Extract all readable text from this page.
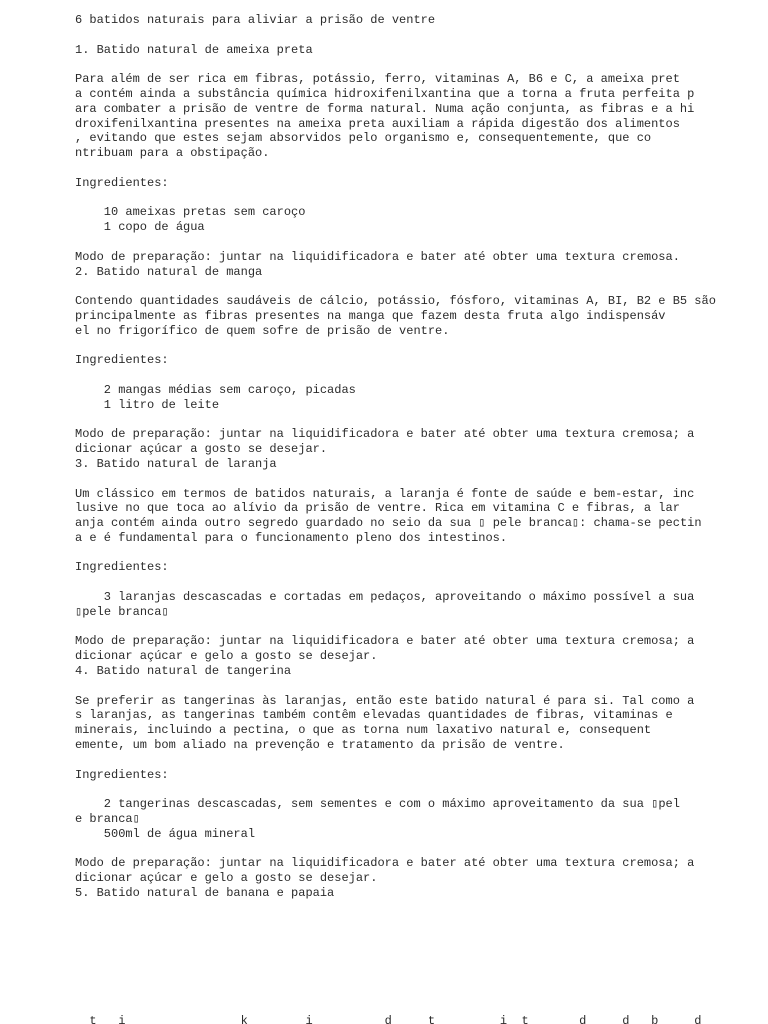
6 batidos naturais para aliviar a prisão de ventre
1. Batido natural de ameixa preta
Para além de ser rica em fibras, potássio, ferro, vitaminas A, B6 e C, a ameixa pret
a contém ainda a substância química hidroxifenilxantina que a torna a fruta perfeita p
ara combater a prisão de ventre de forma natural. Numa ação conjunta, as fibras e a hi
droxifenilxantina presentes na ameixa preta auxiliam a rápida digestão dos alimentos
, evitando que estes sejam absorvidos pelo organismo e, consequentemente, que co
ntribuam para a obstipação.
Ingredientes:
10 ameixas pretas sem caroço
1 copo de água
Modo de preparação: juntar na liquidificadora e bater até obter uma textura cremosa.
2. Batido natural de manga
Contendo quantidades saudáveis de cálcio, potássio, fósforo, vitaminas A, BI, B2 e B5 são
principalmente as fibras presentes na manga que fazem desta fruta algo indispensáv
el no frigorífico de quem sofre de prisão de ventre.
Ingredientes:
2 mangas médias sem caroço, picadas
1 litro de leite
Modo de preparação: juntar na liquidificadora e bater até obter uma textura cremosa; a
dicionar açúcar a gosto se desejar.
3. Batido natural de laranja
Um clássico em termos de batidos naturais, a laranja é fonte de saúde e bem-estar, inc
lusive no que toca ao alívio da prisão de ventre. Rica em vitamina C e fibras, a lar
anja contém ainda outro segredo guardado no seio da sua ▯ pele branca▯: chama-se pectin
a e é fundamental para o funcionamento pleno dos intestinos.
Ingredientes:
3 laranjas descascadas e cortadas em pedaços, aproveitando o máximo possível a sua
▯pele branca▯
Modo de preparação: juntar na liquidificadora e bater até obter uma textura cremosa; a
dicionar açúcar e gelo a gosto se desejar.
4. Batido natural de tangerina
Se preferir as tangerinas às laranjas, então este batido natural é para si. Tal como a
s laranjas, as tangerinas também contêm elevadas quantidades de fibras, vitaminas e
minerais, incluindo a pectina, o que as torna num laxativo natural e, consequent
emente, um bom aliado na prevenção e tratamento da prisão de ventre.
Ingredientes:
2 tangerinas descascadas, sem sementes e com o máximo aproveitamento da sua ▯pel
e branca▯
500ml de água mineral
Modo de preparação: juntar na liquidificadora e bater até obter uma textura cremosa; a
dicionar açúcar e gelo a gosto se desejar.
5. Batido natural de banana e papaia
t   i                k        i          d     t         i  t       d     d   b     d
